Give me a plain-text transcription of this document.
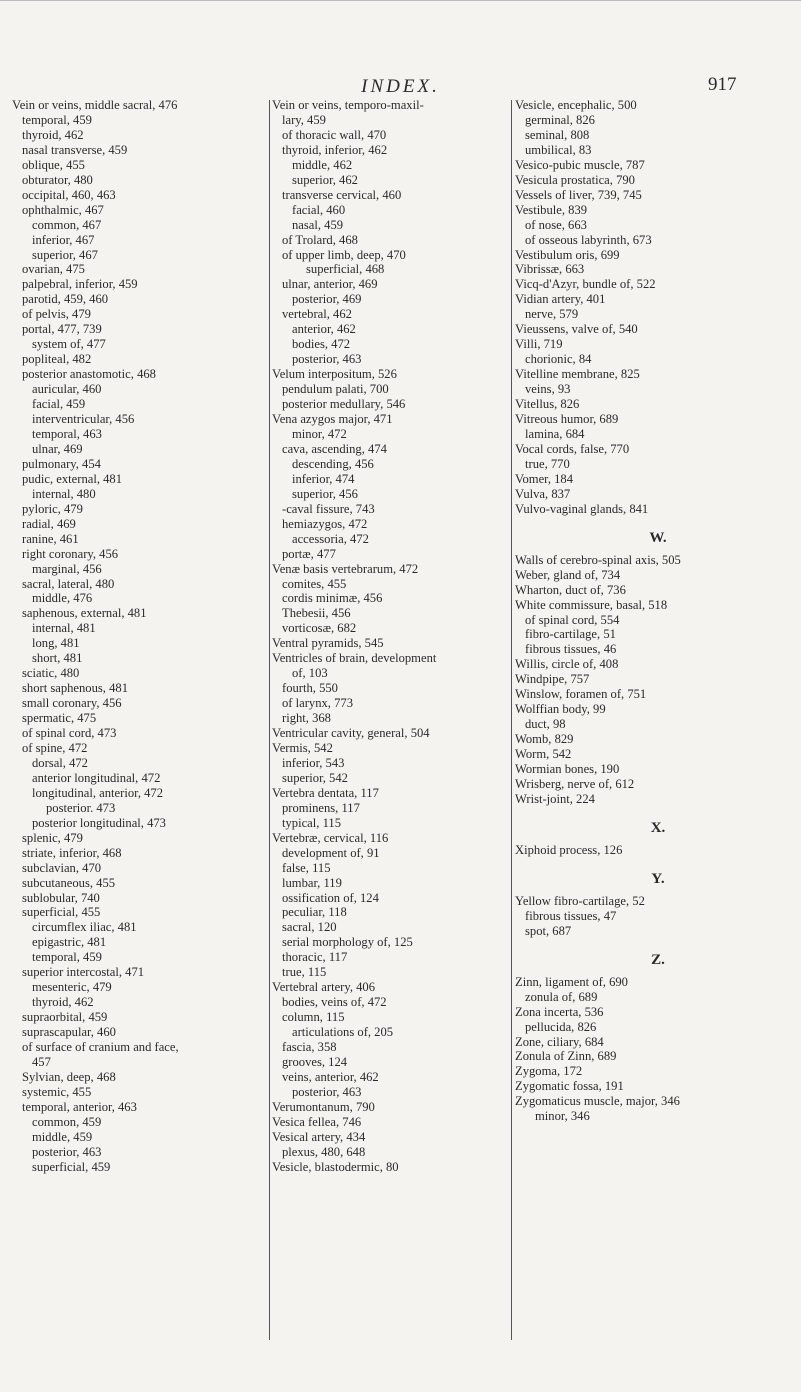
INDEX.	917
Vein or veins, middle sacral, 476
temporal, 459
thyroid, 462
nasal transverse, 459
oblique, 455
obturator, 480
occipital, 460, 463
ophthalmic, 467
common, 467
inferior, 467
superior, 467
ovarian, 475
palpebral, inferior, 459
parotid, 459, 460
of pelvis, 479
portal, 477, 739
system of, 477
popliteal, 482
posterior anastomotic, 468
auricular, 460
facial, 459
interventricular, 456
temporal, 463
ulnar, 469
pulmonary, 454
pudic, external, 481
internal, 480
pyloric, 479
radial, 469
ranine, 461
right coronary, 456
marginal, 456
sacral, lateral, 480
middle, 476
saphenous, external, 481
internal, 481
long, 481
short, 481
sciatic, 480
short saphenous, 481
small coronary, 456
spermatic, 475
of spinal cord, 473
of spine, 472
dorsal, 472
anterior longitudinal, 472
longitudinal, anterior, 472
posterior. 473
posterior longitudinal, 473
splenic, 479
striate, inferior, 468
subclavian, 470
subcutaneous, 455
sublobular, 740
superficial, 455
circumflex iliac, 481
epigastric, 481
temporal, 459
superior intercostal, 471
mesenteric, 479
thyroid, 462
supraorbital, 459
suprascapular, 460
of surface of cranium and face,
457
Sylvian, deep, 468
systemic, 455
temporal, anterior, 463
common, 459
middle, 459
posterior, 463
superficial, 459
Vein or veins, temporo-maxil-
lary, 459
of thoracic wall, 470
thyroid, inferior, 462
middle, 462
superior, 462
transverse cervical, 460
facial, 460
nasal, 459
of Trolard, 468
of upper limb, deep, 470
superficial, 468
ulnar, anterior, 469
posterior, 469
vertebral, 462
anterior, 462
bodies, 472
posterior, 463
Velum interpositum, 526
pendulum palati, 700
posterior medullary, 546
Vena azygos major, 471
minor, 472
cava, ascending, 474
descending, 456
inferior, 474
superior, 456
-caval fissure, 743
hemiazygos, 472
accessoria, 472
portæ, 477
Venæ basis vertebrarum, 472
comites, 455
cordis minimæ, 456
Thebesii, 456
vorticosæ, 682
Ventral pyramids, 545
Ventricles of brain, development
of, 103
fourth, 550
of larynx, 773
right, 368
Ventricular cavity, general, 504
Vermis, 542
inferior, 543
superior, 542
Vertebra dentata, 117
prominens, 117
typical, 115
Vertebræ, cervical, 116
development of, 91
false, 115
lumbar, 119
ossification of, 124
peculiar, 118
sacral, 120
serial morphology of, 125
thoracic, 117
true, 115
Vertebral artery, 406
bodies, veins of, 472
column, 115
articulations of, 205
fascia, 358
grooves, 124
veins, anterior, 462
posterior, 463
Verumontanum, 790
Vesica fellea, 746
Vesical artery, 434
plexus, 480, 648
Vesicle, blastodermic, 80
Vesicle, encephalic, 500
germinal, 826
seminal, 808
umbilical, 83
Vesico-pubic muscle, 787
Vesicula prostatica, 790
Vessels of liver, 739, 745
Vestibule, 839
of nose, 663
of osseous labyrinth, 673
Vestibulum oris, 699
Vibrissæ, 663
Vicq-d'Azyr, bundle of, 522
Vidian artery, 401
nerve, 579
Vieussens, valve of, 540
Villi, 719
chorionic, 84
Vitelline membrane, 825
veins, 93
Vitellus, 826
Vitreous humor, 689
lamina, 684
Vocal cords, false, 770
true, 770
Vomer, 184
Vulva, 837
Vulvo-vaginal glands, 841
W.
Walls of cerebro-spinal axis, 505
Weber, gland of, 734
Wharton, duct of, 736
White commissure, basal, 518
of spinal cord, 554
fibro-cartilage, 51
fibrous tissues, 46
Willis, circle of, 408
Windpipe, 757
Winslow, foramen of, 751
Wolffian body, 99
duct, 98
Womb, 829
Worm, 542
Wormian bones, 190
Wrisberg, nerve of, 612
Wrist-joint, 224
X.
Xiphoid process, 126
Y.
Yellow fibro-cartilage, 52
fibrous tissues, 47
spot, 687
Z.
Zinn, ligament of, 690
zonula of, 689
Zona incerta, 536
pellucida, 826
Zone, ciliary, 684
Zonula of Zinn, 689
Zygoma, 172
Zygomatic fossa, 191
Zygomaticus muscle, major, 346
minor, 346
